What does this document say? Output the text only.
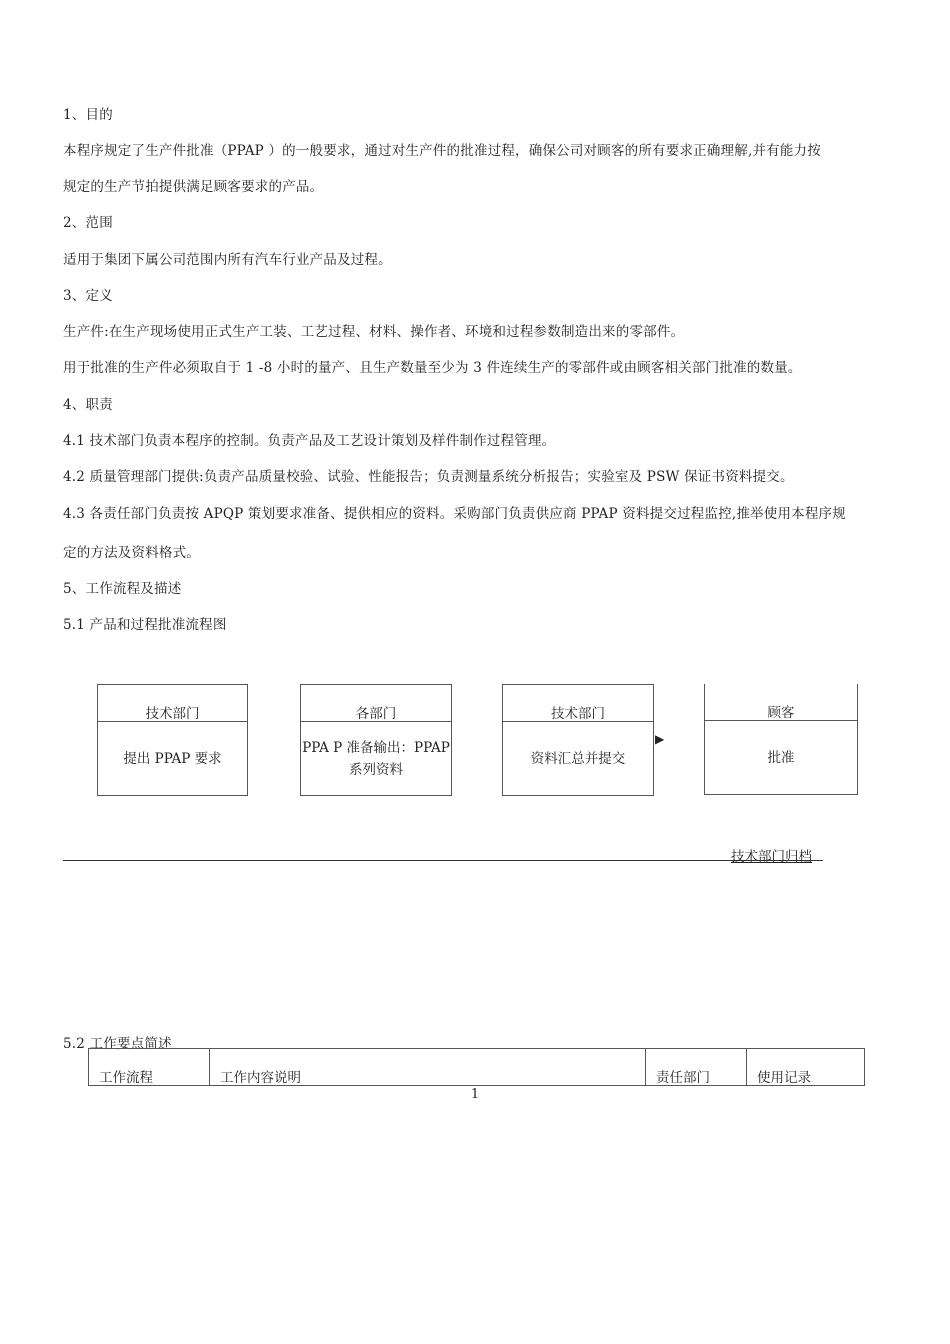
1、目的
本程序规定了生产件批准（PPAP ）的一般要求，通过对生产件的批准过程，确保公司对顾客的所有要求正确理解,并有能力按
规定的生产节拍提供满足顾客要求的产品。
2、范围
适用于集团下属公司范围内所有汽车行业产品及过程。
3、定义
生产件:在生产现场使用正式生产工装、工艺过程、材料、操作者、环境和过程参数制造出来的零部件。
用于批准的生产件必须取自于 1 -8 小时的量产、且生产数量至少为 3 件连续生产的零部件或由顾客相关部门批准的数量。
4、职责
4.1 技术部门负责本程序的控制。负责产品及工艺设计策划及样件制作过程管理。
4.2 质量管理部门提供:负责产品质量校验、试验、性能报告；负责测量系统分析报告；实验室及 PSW 保证书资料提交。
4.3 各责任部门负责按 APQP 策划要求准备、提供相应的资料。采购部门负责供应商 PPAP 资料提交过程监控,推举使用本程序规
定的方法及资料格式。
5、工作流程及描述
5.1 产品和过程批准流程图
技术部门
提出 PPAP 要求
各部门
PPA P 准备输出：PPAP
系列资料
技术部门
资料汇总并提交
▶
顾客
批准
技术部门归档
5.2 工作要点简述
工作流程	工作内容说明	责任部门	使用记录
1
